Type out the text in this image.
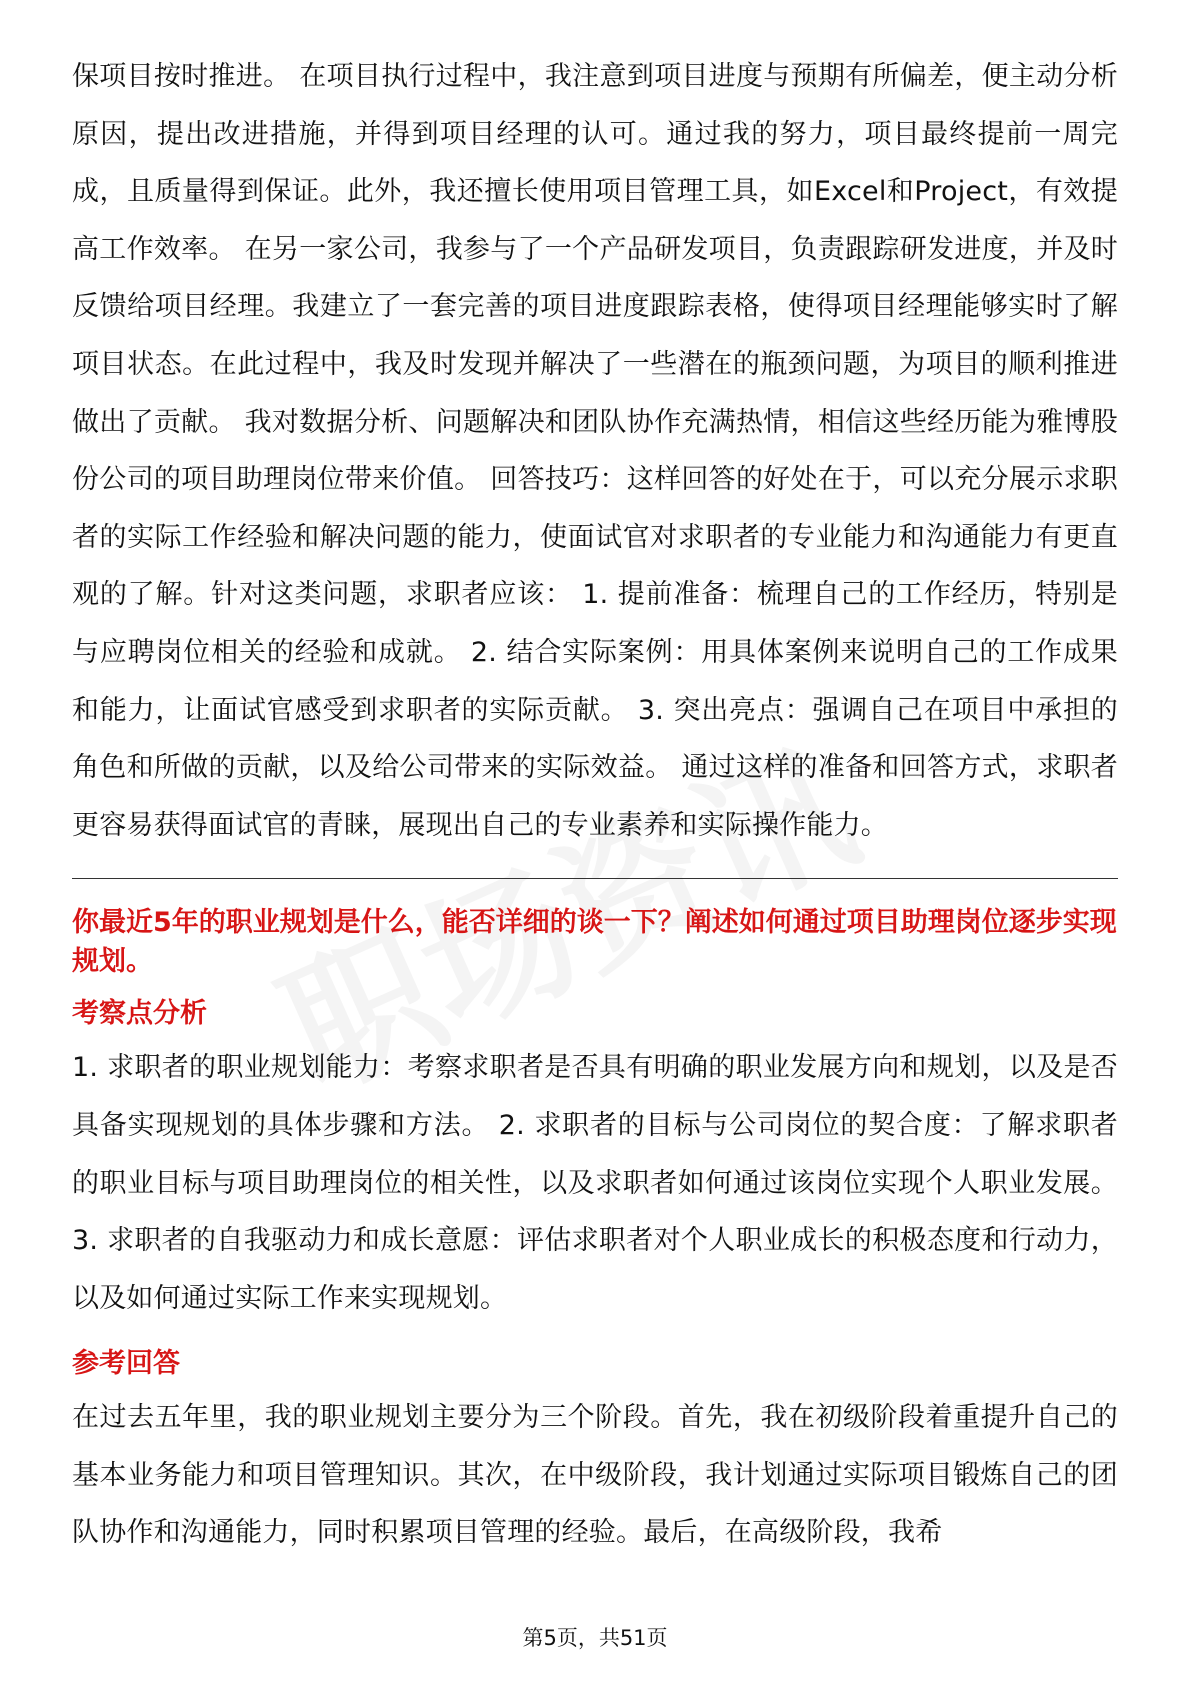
保项目按时推进。 在项目执行过程中，我注意到项目进度与预期有所偏差，便主动分析原因，提出改进措施，并得到项目经理的认可。通过我的努力，项目最终提前一周完成，且质量得到保证。此外，我还擅长使用项目管理工具，如Excel和Project，有效提高工作效率。 在另一家公司，我参与了一个产品研发项目，负责跟踪研发进度，并及时反馈给项目经理。我建立了一套完善的项目进度跟踪表格，使得项目经理能够实时了解项目状态。在此过程中，我及时发现并解决了一些潜在的瓶颈问题，为项目的顺利推进做出了贡献。 我对数据分析、问题解决和团队协作充满热情，相信这些经历能为雅博股份公司的项目助理岗位带来价值。 回答技巧：这样回答的好处在于，可以充分展示求职者的实际工作经验和解决问题的能力，使面试官对求职者的专业能力和沟通能力有更直观的了解。针对这类问题，求职者应该： 1. 提前准备：梳理自己的工作经历，特别是与应聘岗位相关的经验和成就。 2. 结合实际案例：用具体案例来说明自己的工作成果和能力，让面试官感受到求职者的实际贡献。 3. 突出亮点：强调自己在项目中承担的角色和所做的贡献，以及给公司带来的实际效益。 通过这样的准备和回答方式，求职者更容易获得面试官的青睐，展现出自己的专业素养和实际操作能力。

你最近5年的职业规划是什么，能否详细的谈一下？阐述如何通过项目助理岗位逐步实现规划。

考察点分析

1. 求职者的职业规划能力：考察求职者是否具有明确的职业发展方向和规划，以及是否具备实现规划的具体步骤和方法。 2. 求职者的目标与公司岗位的契合度：了解求职者的职业目标与项目助理岗位的相关性，以及求职者如何通过该岗位实现个人职业发展。 3. 求职者的自我驱动力和成长意愿：评估求职者对个人职业成长的积极态度和行动力，以及如何通过实际工作来实现规划。

参考回答

在过去五年里，我的职业规划主要分为三个阶段。首先，我在初级阶段着重提升自己的基本业务能力和项目管理知识。其次，在中级阶段，我计划通过实际项目锻炼自己的团队协作和沟通能力，同时积累项目管理的经验。最后，在高级阶段，我希

第5页，共51页
